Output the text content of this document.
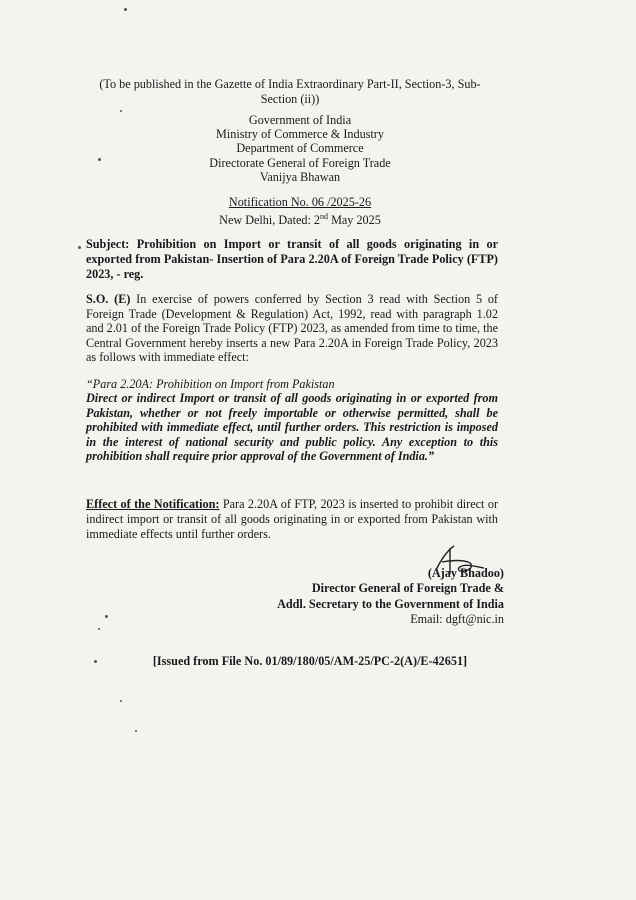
(To be published in the Gazette of India Extraordinary Part-II, Section-3, Sub-Section (ii))
Government of India
Ministry of Commerce & Industry
Department of Commerce
Directorate General of Foreign Trade
Vanijya Bhawan
Notification No. 06 /2025-26
New Delhi, Dated: 2nd May 2025
Subject: Prohibition on Import or transit of all goods originating in or exported from Pakistan- Insertion of Para 2.20A of Foreign Trade Policy (FTP) 2023, - reg.
S.O. (E) In exercise of powers conferred by Section 3 read with Section 5 of Foreign Trade (Development & Regulation) Act, 1992, read with paragraph 1.02 and 2.01 of the Foreign Trade Policy (FTP) 2023, as amended from time to time, the Central Government hereby inserts a new Para 2.20A in Foreign Trade Policy, 2023 as follows with immediate effect:
“Para 2.20A: Prohibition on Import from Pakistan
Direct or indirect Import or transit of all goods originating in or exported from Pakistan, whether or not freely importable or otherwise permitted, shall be prohibited with immediate effect, until further orders. This restriction is imposed in the interest of national security and public policy. Any exception to this prohibition shall require prior approval of the Government of India.”
Effect of the Notification: Para 2.20A of FTP, 2023 is inserted to prohibit direct or indirect import or transit of all goods originating in or exported from Pakistan with immediate effects until further orders.
(Ajay Bhadoo)
Director General of Foreign Trade &
Addl. Secretary to the Government of India
Email: dgft@nic.in
[Issued from File No. 01/89/180/05/AM-25/PC-2(A)/E-42651]
